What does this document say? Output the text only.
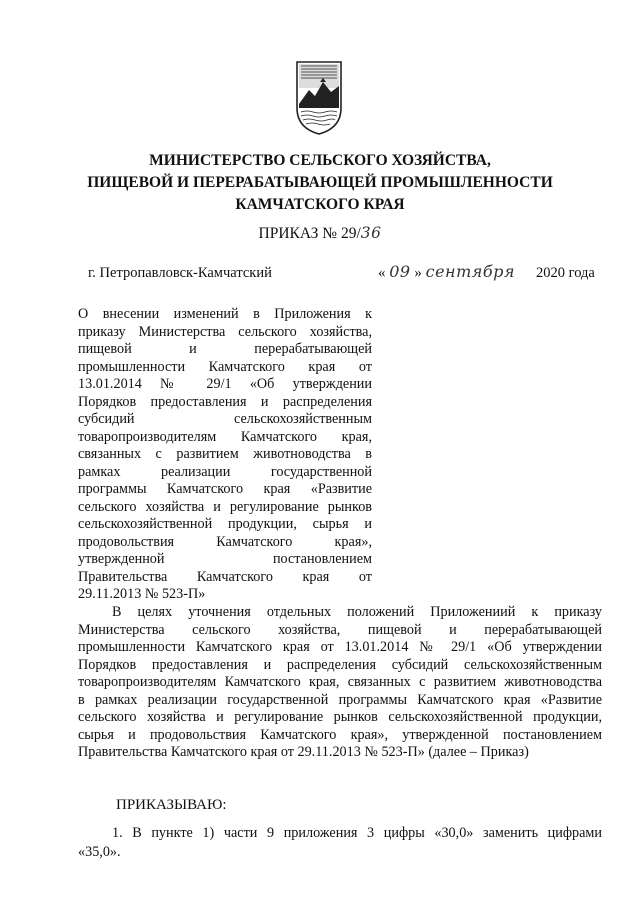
МИНИСТЕРСТВО СЕЛЬСКОГО ХОЗЯЙСТВА,
ПИЩЕВОЙ И ПЕРЕРАБАТЫВАЮЩЕЙ ПРОМЫШЛЕННОСТИ
КАМЧАТСКОГО КРАЯ
ПРИКАЗ № 29/36
г. Петропавловск-Камчатский	« 09 » сентября 2020 года
О внесении изменений в Приложения к
приказу Министерства сельского хозяйства,
пищевой и перерабатывающей
промышленности Камчатского края от
13.01.2014 № 29/1 «Об утверждении
Порядков предоставления и распределения
субсидий сельскохозяйственным
товаропроизводителям Камчатского края,
связанных с развитием животноводства в
рамках реализации государственной
программы Камчатского края «Развитие
сельского хозяйства и регулирование рынков
сельскохозяйственной продукции, сырья и
продовольствия Камчатского края»,
утвержденной постановлением
Правительства Камчатского края от
29.11.2013 № 523-П»
В целях уточнения отдельных положений Приложениий к приказу
Министерства сельского хозяйства, пищевой и перерабатывающей
промышленности Камчатского края от 13.01.2014 № 29/1 «Об утверждении
Порядков предоставления и распределения субсидий сельскохозяйственным
товаропроизводителям Камчатского края, связанных с развитием животноводства
в рамках реализации государственной программы Камчатского края «Развитие
сельского хозяйства и регулирование рынков сельскохозяйственной продукции,
сырья и продовольствия Камчатского края», утвержденной постановлением
Правительства Камчатского края от 29.11.2013 № 523-П» (далее – Приказ)
ПРИКАЗЫВАЮ:
1. В пункте 1) части 9 приложения 3 цифры «30,0» заменить цифрами
«35,0».
